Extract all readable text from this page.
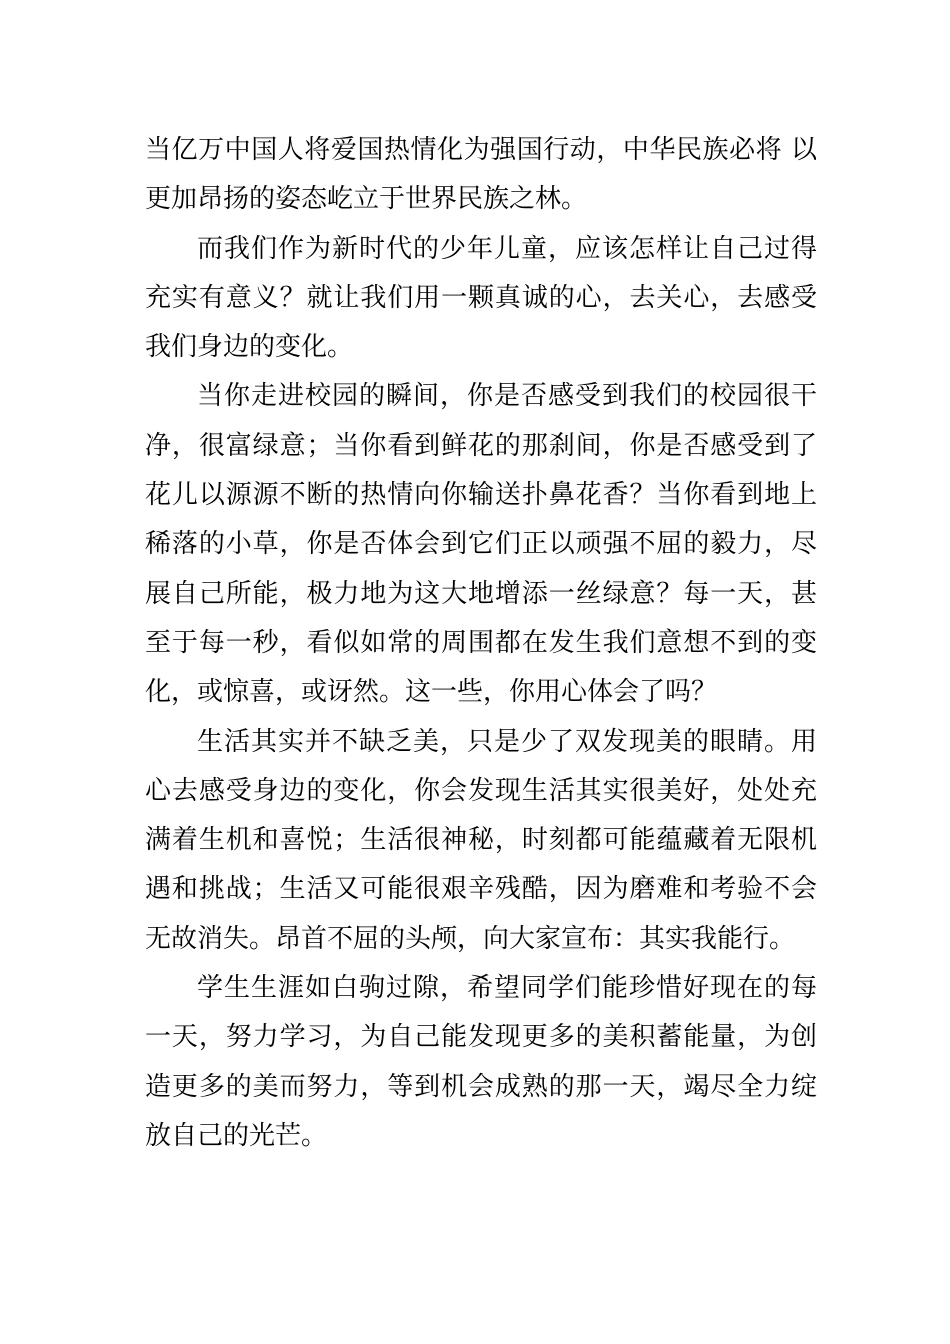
当亿万中国人将爱国热情化为强国行动，中华民族必将 以更加昂扬的姿态屹立于世界民族之林。

而我们作为新时代的少年儿童，应该怎样让自己过得充实有意义？就让我们用一颗真诚的心，去关心，去感受我们身边的变化。

当你走进校园的瞬间，你是否感受到我们的校园很干净，很富绿意；当你看到鲜花的那刹间，你是否感受到了花儿以源源不断的热情向你输送扑鼻花香？当你看到地上稀落的小草，你是否体会到它们正以顽强不屈的毅力，尽展自己所能，极力地为这大地增添一丝绿意？每一天，甚至于每一秒，看似如常的周围都在发生我们意想不到的变化，或惊喜，或讶然。这一些，你用心体会了吗？

生活其实并不缺乏美，只是少了双发现美的眼睛。用心去感受身边的变化，你会发现生活其实很美好，处处充满着生机和喜悦；生活很神秘，时刻都可能蕴藏着无限机遇和挑战；生活又可能很艰辛残酷，因为磨难和考验不会无故消失。昂首不屈的头颅，向大家宣布：其实我能行。

学生生涯如白驹过隙，希望同学们能珍惜好现在的每一天，努力学习，为自己能发现更多的美积蓄能量，为创造更多的美而努力，等到机会成熟的那一天，竭尽全力绽放自己的光芒。
